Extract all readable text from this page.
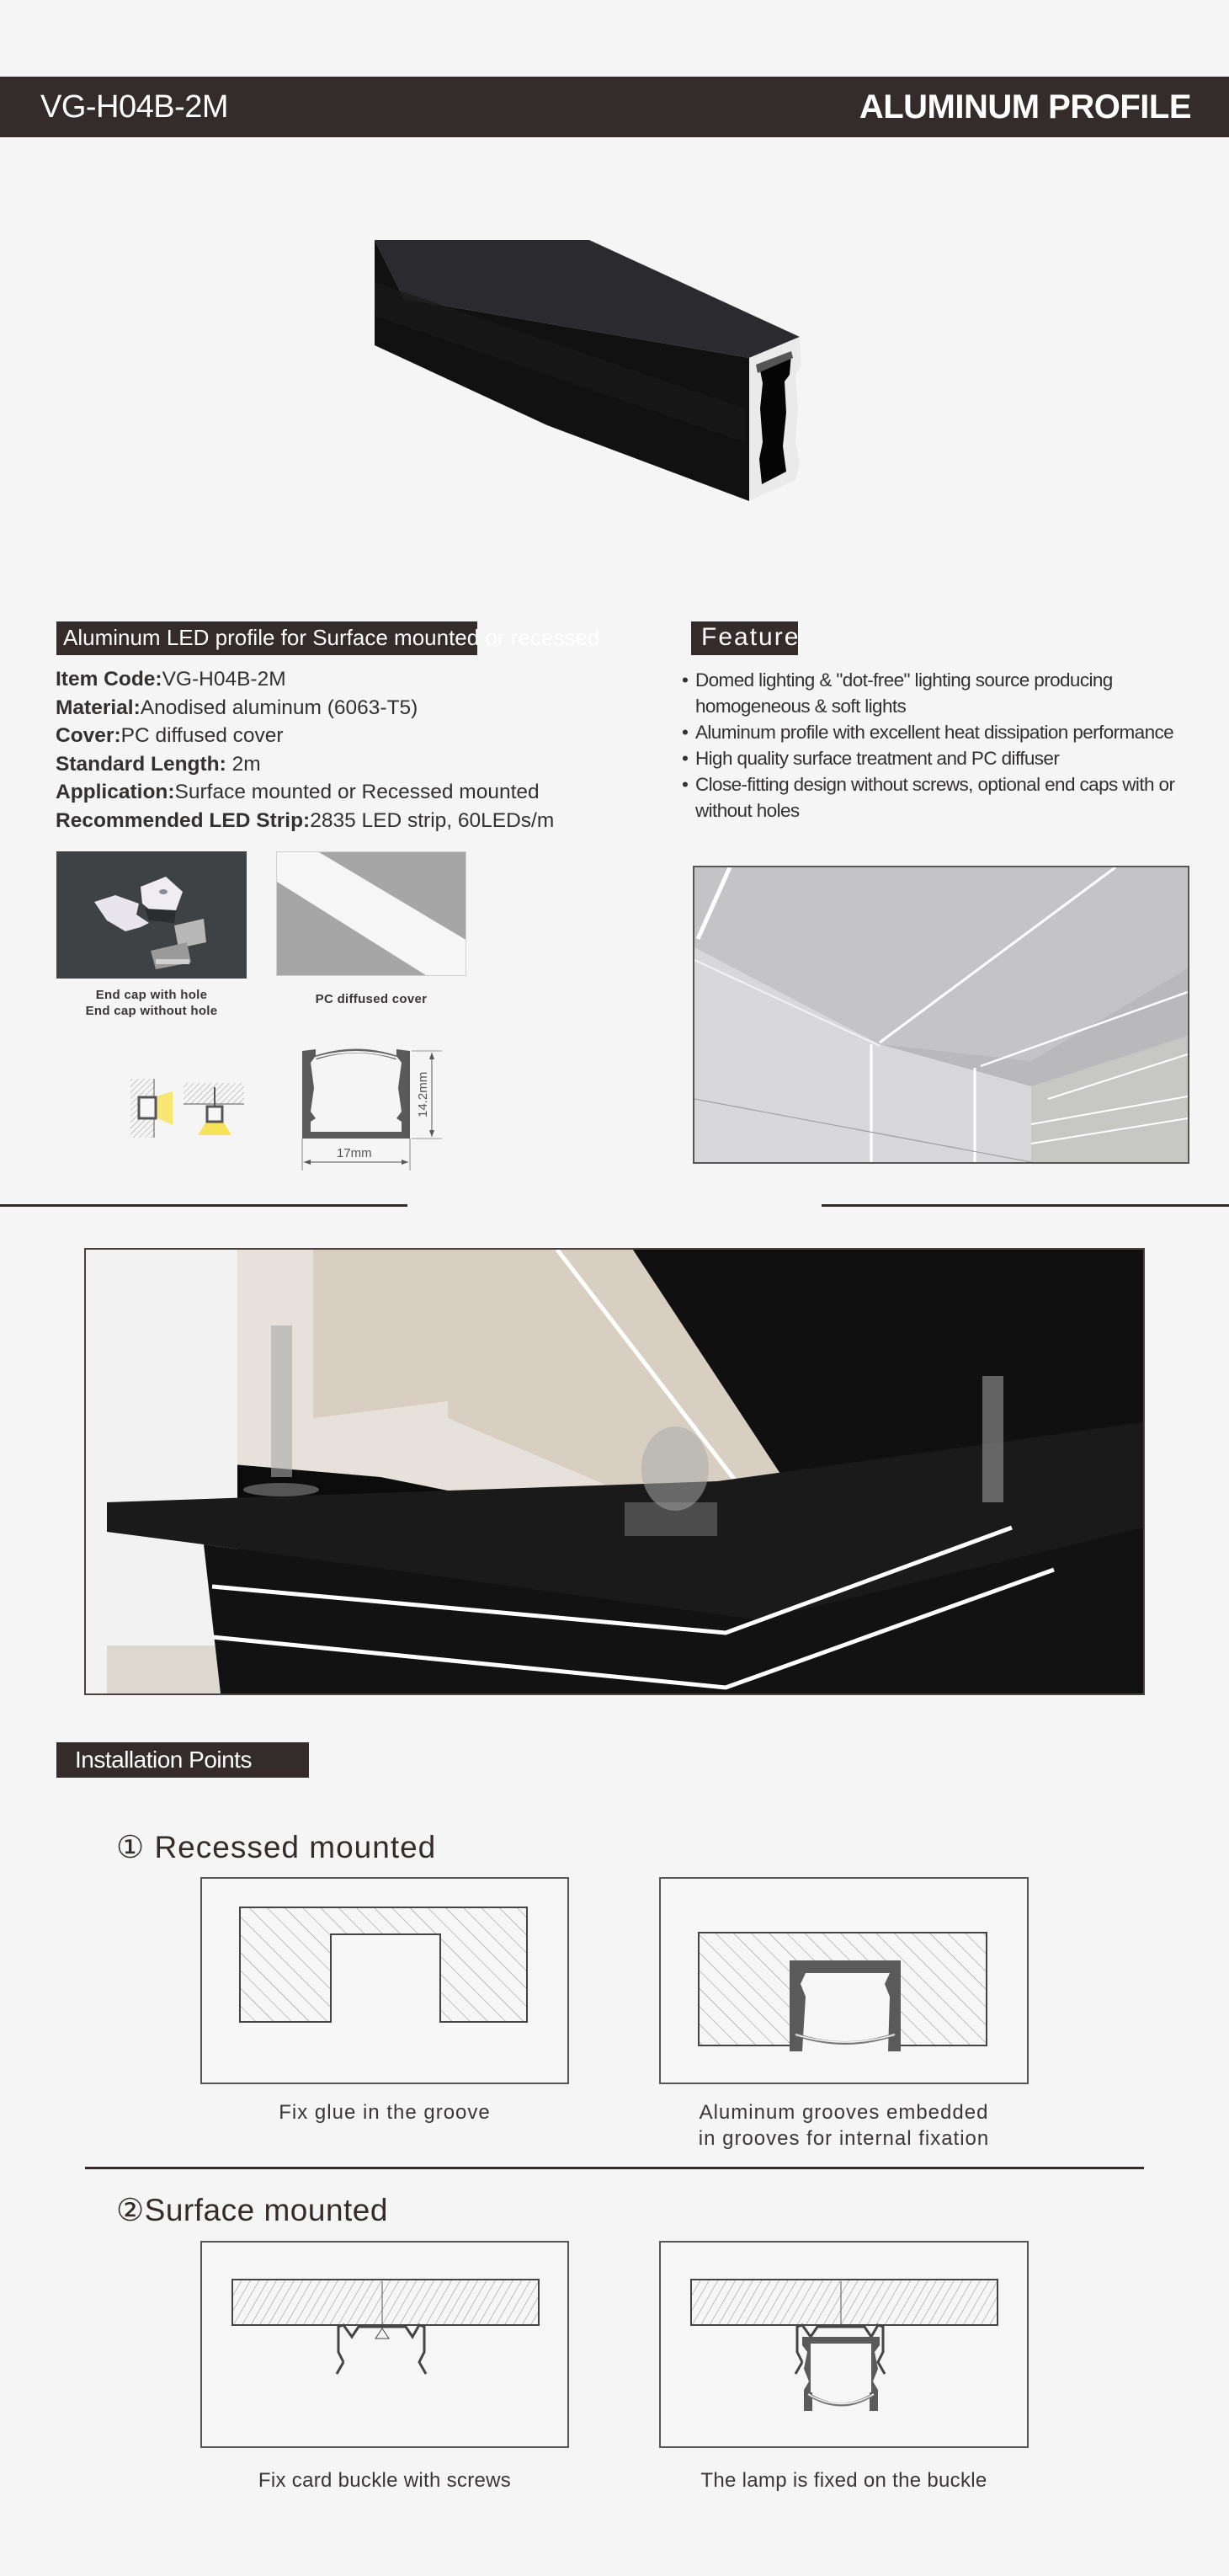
VG-H04B-2M	ALUMINUM PROFILE
Aluminum LED profile for Surface mounted or recessed
Item Code:VG-H04B-2M
Material:Anodised aluminum (6063-T5)
Cover:PC diffused cover
Standard Length: 2m
Application:Surface mounted or Recessed mounted
Recommended LED Strip:2835 LED strip, 60LEDs/m
Feature
• Domed lighting & "dot-free" lighting source producing homogeneous & soft lights
• Aluminum profile with excellent heat dissipation performance
• High quality surface treatment and PC diffuser
• Close-fitting design without screws, optional end caps with or without holes
End cap with hole
End cap without hole
PC diffused cover
14.2mm
17mm
Installation Points
① Recessed mounted
Fix glue in the groove	Aluminum grooves embedded
in grooves for internal fixation
②Surface mounted
Fix card buckle with screws	The lamp is fixed on the buckle
